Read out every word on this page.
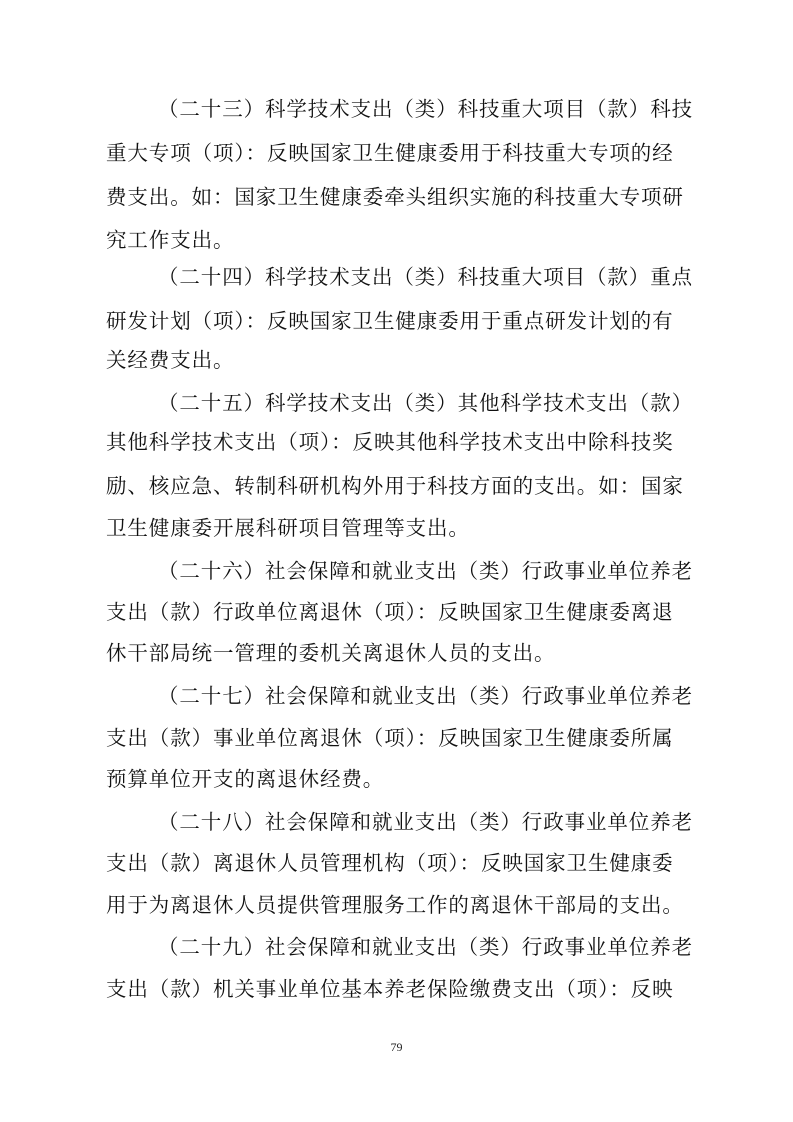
（二十三）科学技术支出（类）科技重大项目（款）科技
重大专项（项）：反映国家卫生健康委用于科技重大专项的经
费支出。如：国家卫生健康委牵头组织实施的科技重大专项研
究工作支出。
（二十四）科学技术支出（类）科技重大项目（款）重点
研发计划（项）：反映国家卫生健康委用于重点研发计划的有
关经费支出。
（二十五）科学技术支出（类）其他科学技术支出（款）
其他科学技术支出（项）：反映其他科学技术支出中除科技奖
励、核应急、转制科研机构外用于科技方面的支出。如：国家
卫生健康委开展科研项目管理等支出。
（二十六）社会保障和就业支出（类）行政事业单位养老
支出（款）行政单位离退休（项）：反映国家卫生健康委离退
休干部局统一管理的委机关离退休人员的支出。
（二十七）社会保障和就业支出（类）行政事业单位养老
支出（款）事业单位离退休（项）：反映国家卫生健康委所属
预算单位开支的离退休经费。
（二十八）社会保障和就业支出（类）行政事业单位养老
支出（款）离退休人员管理机构（项）：反映国家卫生健康委
用于为离退休人员提供管理服务工作的离退休干部局的支出。
（二十九）社会保障和就业支出（类）行政事业单位养老
支出（款）机关事业单位基本养老保险缴费支出（项）：反映
79
